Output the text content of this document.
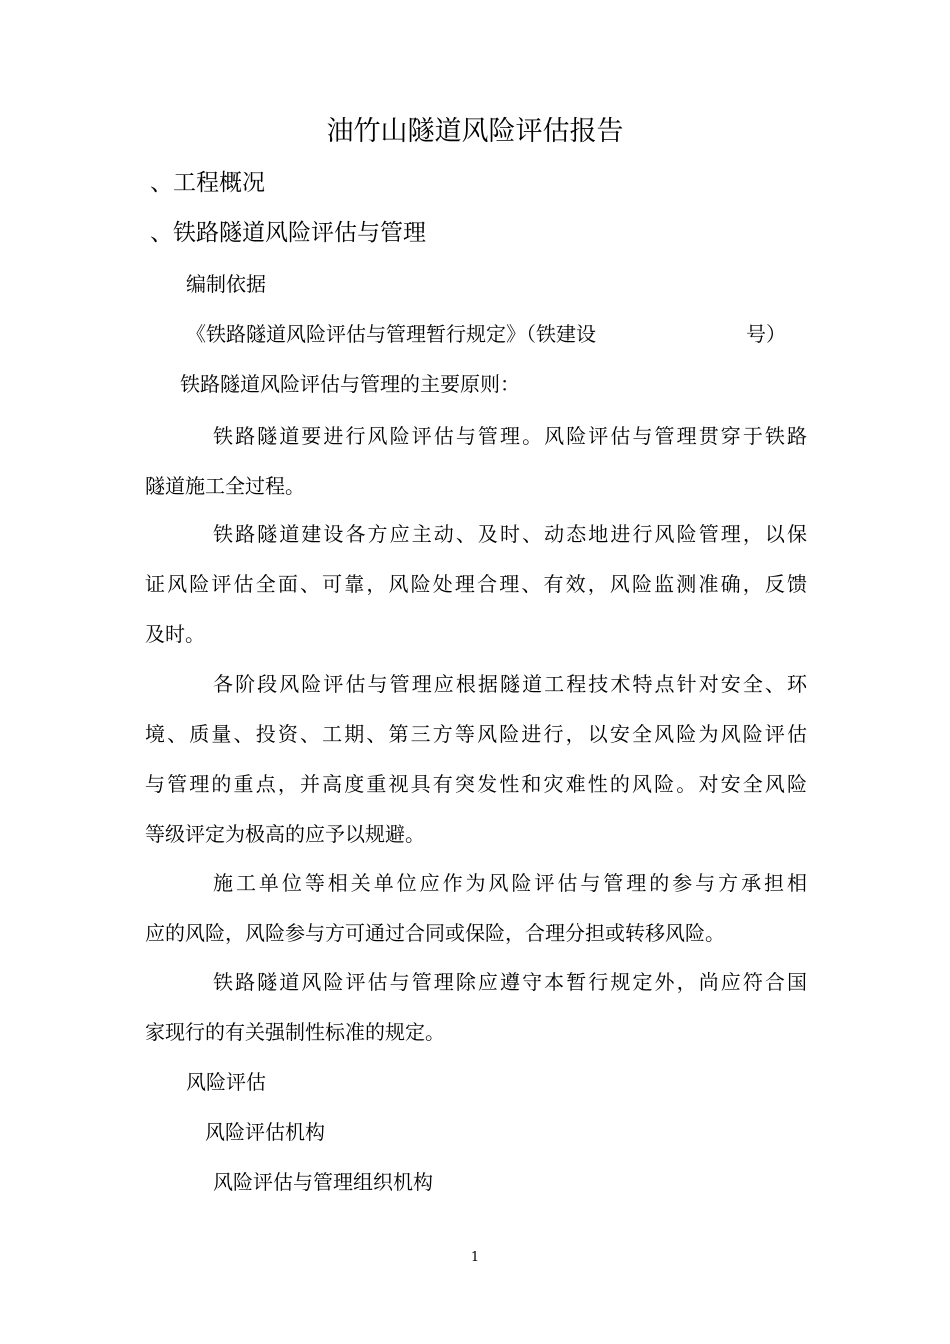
油竹山隧道风险评估报告
、工程概况
、铁路隧道风险评估与管理
编制依据
《铁路隧道风险评估与管理暂行规定》（铁建设	号）
铁路隧道风险评估与管理的主要原则：
铁路隧道要进行风险评估与管理。风险评估与管理贯穿于铁路
隧道施工全过程。
铁路隧道建设各方应主动、及时、动态地进行风险管理，以保
证风险评估全面、可靠，风险处理合理、有效，风险监测准确，反馈
及时。
各阶段风险评估与管理应根据隧道工程技术特点针对安全、环
境、质量、投资、工期、第三方等风险进行，以安全风险为风险评估
与管理的重点，并高度重视具有突发性和灾难性的风险。对安全风险
等级评定为极高的应予以规避。
施工单位等相关单位应作为风险评估与管理的参与方承担相
应的风险，风险参与方可通过合同或保险，合理分担或转移风险。
铁路隧道风险评估与管理除应遵守本暂行规定外，尚应符合国
家现行的有关强制性标准的规定。
风险评估
风险评估机构
风险评估与管理组织机构
1
